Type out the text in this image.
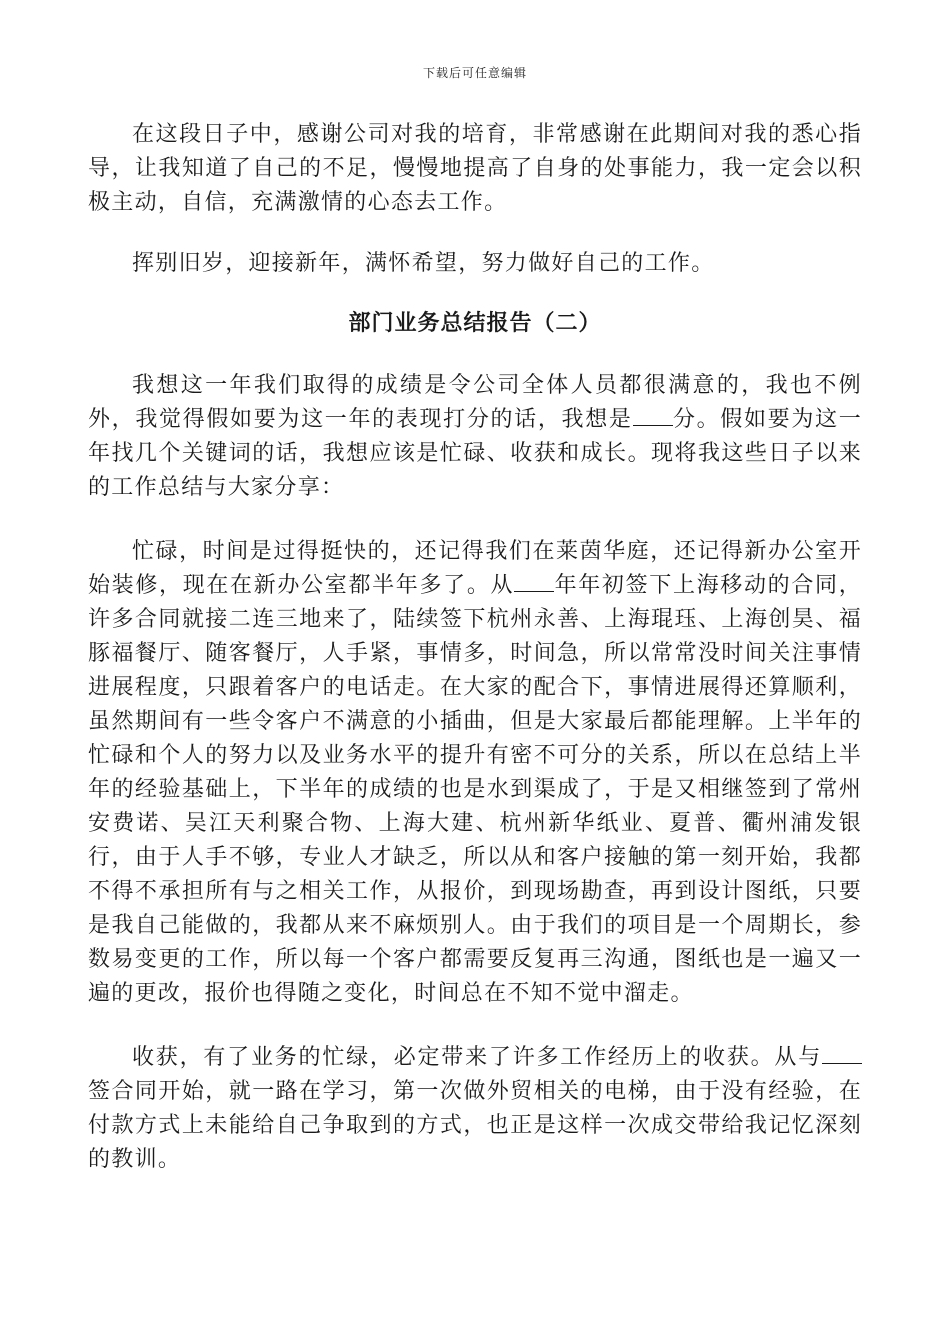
下载后可任意编辑

在这段日子中，感谢公司对我的培育，非常感谢在此期间对我的悉心指导，让我知道了自己的不足，慢慢地提高了自身的处事能力，我一定会以积极主动，自信，充满激情的心态去工作。

挥别旧岁，迎接新年，满怀希望，努力做好自己的工作。

部门业务总结报告（二）

我想这一年我们取得的成绩是令公司全体人员都很满意的，我也不例外，我觉得假如要为这一年的表现打分的话，我想是 分。假如要为这一年找几个关键词的话，我想应该是忙碌、收获和成长。现将我这些日子以来的工作总结与大家分享：

忙碌，时间是过得挺快的，还记得我们在莱茵华庭，还记得新办公室开始装修，现在在新办公室都半年多了。从 年年初签下上海移动的合同，许多合同就接二连三地来了，陆续签下杭州永善、上海琨珏、上海创昊、福豚福餐厅、随客餐厅，人手紧，事情多，时间急，所以常常没时间关注事情进展程度，只跟着客户的电话走。在大家的配合下，事情进展得还算顺利，虽然期间有一些令客户不满意的小插曲，但是大家最后都能理解。上半年的忙碌和个人的努力以及业务水平的提升有密不可分的关系，所以在总结上半年的经验基础上，下半年的成绩的也是水到渠成了，于是又相继签到了常州安费诺、吴江天利聚合物、上海大建、杭州新华纸业、夏普、衢州浦发银行，由于人手不够，专业人才缺乏，所以从和客户接触的第一刻开始，我都不得不承担所有与之相关工作，从报价，到现场勘查，再到设计图纸，只要是我自己能做的，我都从来不麻烦别人。由于我们的项目是一个周期长，参数易变更的工作，所以每一个客户都需要反复再三沟通，图纸也是一遍又一遍的更改，报价也得随之变化，时间总在不知不觉中溜走。

收获，有了业务的忙绿，必定带来了许多工作经历上的收获。从与签合同开始，就一路在学习，第一次做外贸相关的电梯，由于没有经验，在付款方式上未能给自己争取到的方式，也正是这样一次成交带给我记忆深刻的教训。
